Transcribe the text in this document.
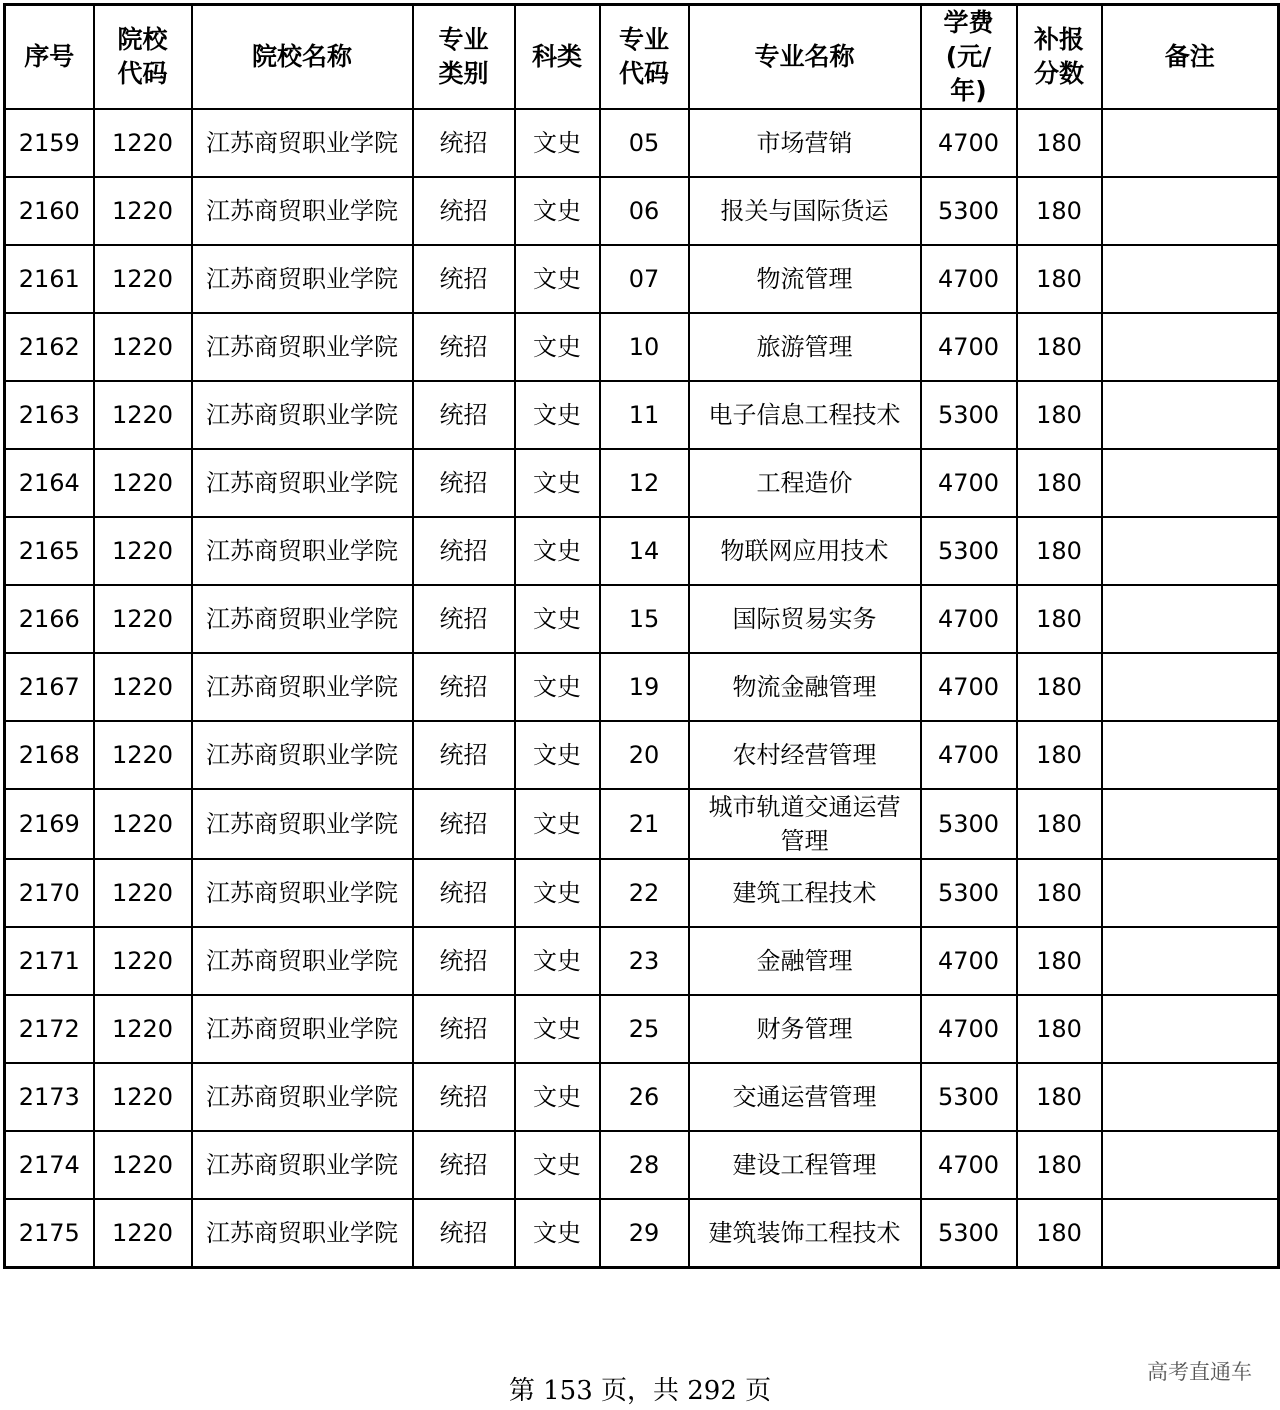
序号	院校代码	院校名称	专业类别	科类	专业代码	专业名称	学费(元/年)	补报分数	备注
2159	1220	江苏商贸职业学院	统招	文史	05	市场营销	4700	180	
2160	1220	江苏商贸职业学院	统招	文史	06	报关与国际货运	5300	180	
2161	1220	江苏商贸职业学院	统招	文史	07	物流管理	4700	180	
2162	1220	江苏商贸职业学院	统招	文史	10	旅游管理	4700	180	
2163	1220	江苏商贸职业学院	统招	文史	11	电子信息工程技术	5300	180	
2164	1220	江苏商贸职业学院	统招	文史	12	工程造价	4700	180	
2165	1220	江苏商贸职业学院	统招	文史	14	物联网应用技术	5300	180	
2166	1220	江苏商贸职业学院	统招	文史	15	国际贸易实务	4700	180	
2167	1220	江苏商贸职业学院	统招	文史	19	物流金融管理	4700	180	
2168	1220	江苏商贸职业学院	统招	文史	20	农村经营管理	4700	180	
2169	1220	江苏商贸职业学院	统招	文史	21	城市轨道交通运营管理	5300	180	
2170	1220	江苏商贸职业学院	统招	文史	22	建筑工程技术	5300	180	
2171	1220	江苏商贸职业学院	统招	文史	23	金融管理	4700	180	
2172	1220	江苏商贸职业学院	统招	文史	25	财务管理	4700	180	
2173	1220	江苏商贸职业学院	统招	文史	26	交通运营管理	5300	180	
2174	1220	江苏商贸职业学院	统招	文史	28	建设工程管理	4700	180	
2175	1220	江苏商贸职业学院	统招	文史	29	建筑装饰工程技术	5300	180	
第 153 页，共 292 页
高考直通车
